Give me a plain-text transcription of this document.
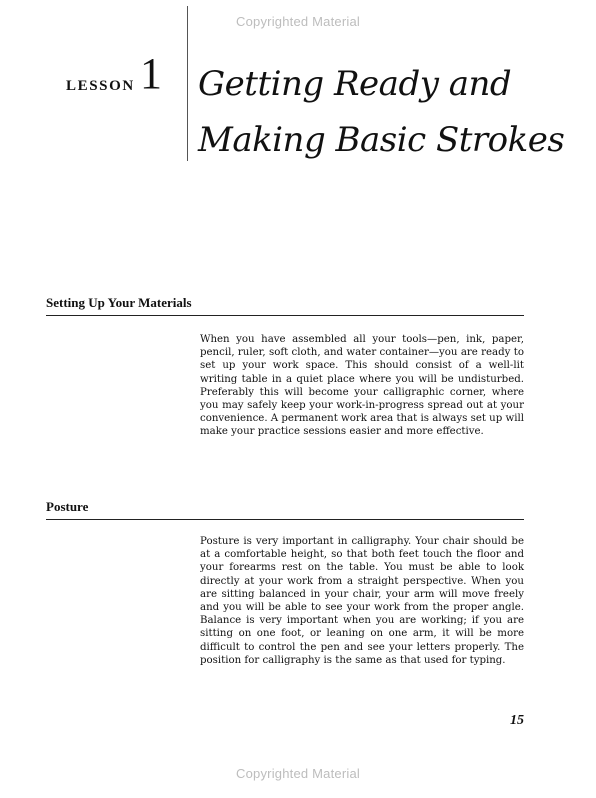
Copyrighted Material
LESSON 1 Getting Ready and
Making Basic Strokes
Setting Up Your Materials
When you have assembled all your tools—pen, ink, paper, pencil, ruler, soft cloth, and water container—you are ready to set up your work space. This should consist of a well-lit writing table in a quiet place where you will be undisturbed. Preferably this will become your calligraphic corner, where you may safely keep your work-in-progress spread out at your convenience. A permanent work area that is always set up will make your practice sessions easier and more effective.
Posture
Posture is very important in calligraphy. Your chair should be at a comfortable height, so that both feet touch the floor and your forearms rest on the table. You must be able to look directly at your work from a straight perspective. When you are sitting balanced in your chair, your arm will move freely and you will be able to see your work from the proper angle. Balance is very important when you are working; if you are sitting on one foot, or leaning on one arm, it will be more difficult to control the pen and see your letters properly. The position for calligraphy is the same as that used for typing.
15
Copyrighted Material
